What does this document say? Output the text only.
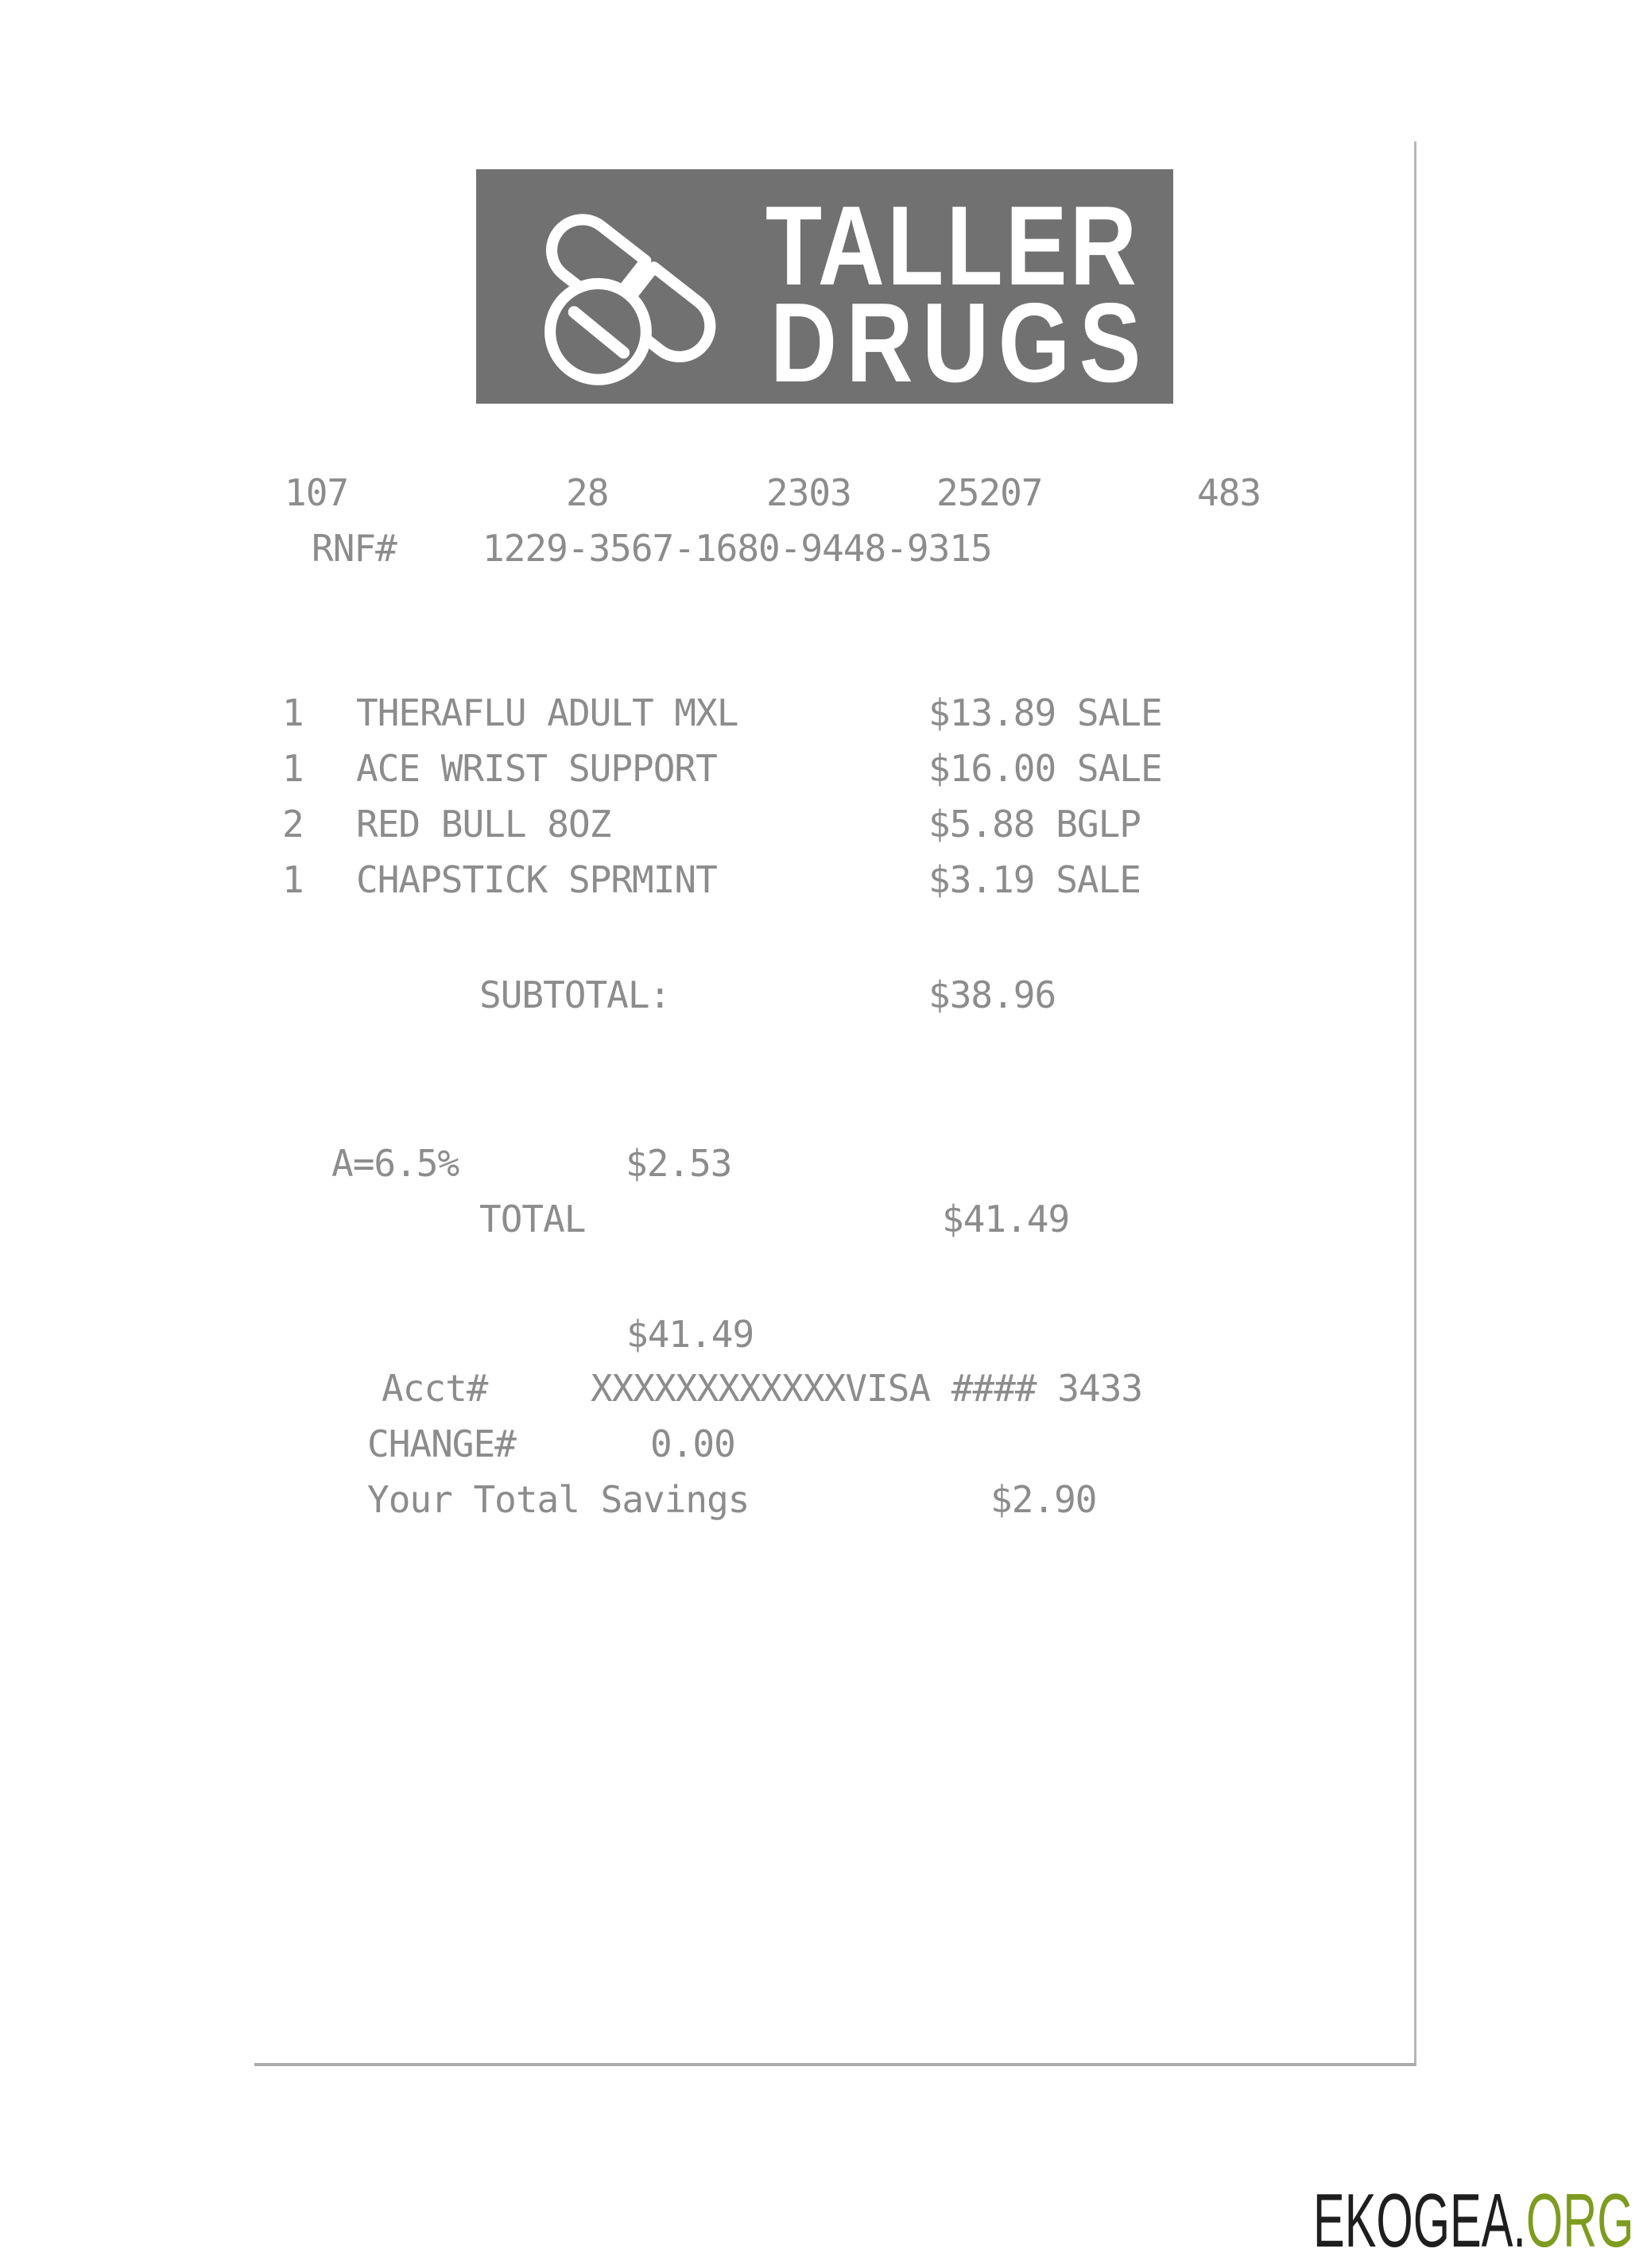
TALLER
DRUGS
107	28	2303 25207	483
RNF# 1229-3567-1680-9448-9315
1 THERAFLU ADULT MXL	$13.89 SALE
1 ACE WRIST SUPPORT	$16.00 SALE
2 RED BULL 8OZ	$5.88 BGLP
1 CHAPSTICK SPRMINT	$3.19 SALE
SUBTOTAL:	$38.96
A=6.5%	$2.53
TOTAL	$41.49
$41.49
Acct#	XXXXXXXXXXXXVISA #### 3433
CHANGE#	0.00
Your Total Savings	$2.90
EKOGEA.ORG
